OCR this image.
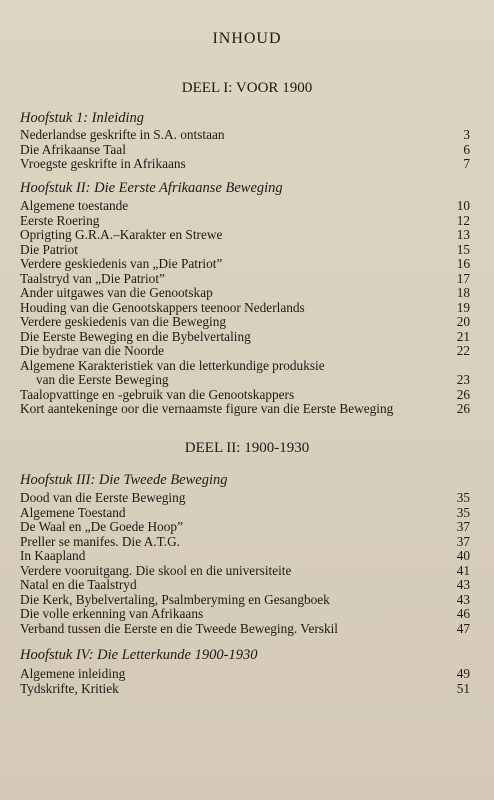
INHOUD
DEEL I: VOOR 1900
Hoofstuk 1: Inleiding
Nederlandse geskrifte in S.A. ontstaan	3
Die Afrikaanse Taal	6
Vroegste geskrifte in Afrikaans	7
Hoofstuk II: Die Eerste Afrikaanse Beweging
Algemene toestande	10
Eerste Roering	12
Oprigting G.R.A.–Karakter en Strewe	13
Die Patriot	15
Verdere geskiedenis van „Die Patriot”	16
Taalstryd van „Die Patriot”	17
Ander uitgawes van die Genootskap	18
Houding van die Genootskappers teenoor Nederlands	19
Verdere geskiedenis van die Beweging	20
Die Eerste Beweging en die Bybelvertaling	21
Die bydrae van die Noorde	22
Algemene Karakteristiek van die letterkundige produksie
van die Eerste Beweging	23
Taalopvattinge en -gebruik van die Genootskappers	26
Kort aantekeninge oor die vernaamste figure van die Eerste Beweging	26
DEEL II: 1900-1930
Hoofstuk III: Die Tweede Beweging
Dood van die Eerste Beweging	35
Algemene Toestand	35
De Waal en „De Goede Hoop”	37
Preller se manifes. Die A.T.G.	37
In Kaapland	40
Verdere vooruitgang. Die skool en die universiteite	41
Natal en die Taalstryd	43
Die Kerk, Bybelvertaling, Psalmberyming en Gesangboek	43
Die volle erkenning van Afrikaans	46
Verband tussen die Eerste en die Tweede Beweging. Verskil	47
Hoofstuk IV: Die Letterkunde 1900-1930
Algemene inleiding	49
Tydskrifte, Kritiek	51
